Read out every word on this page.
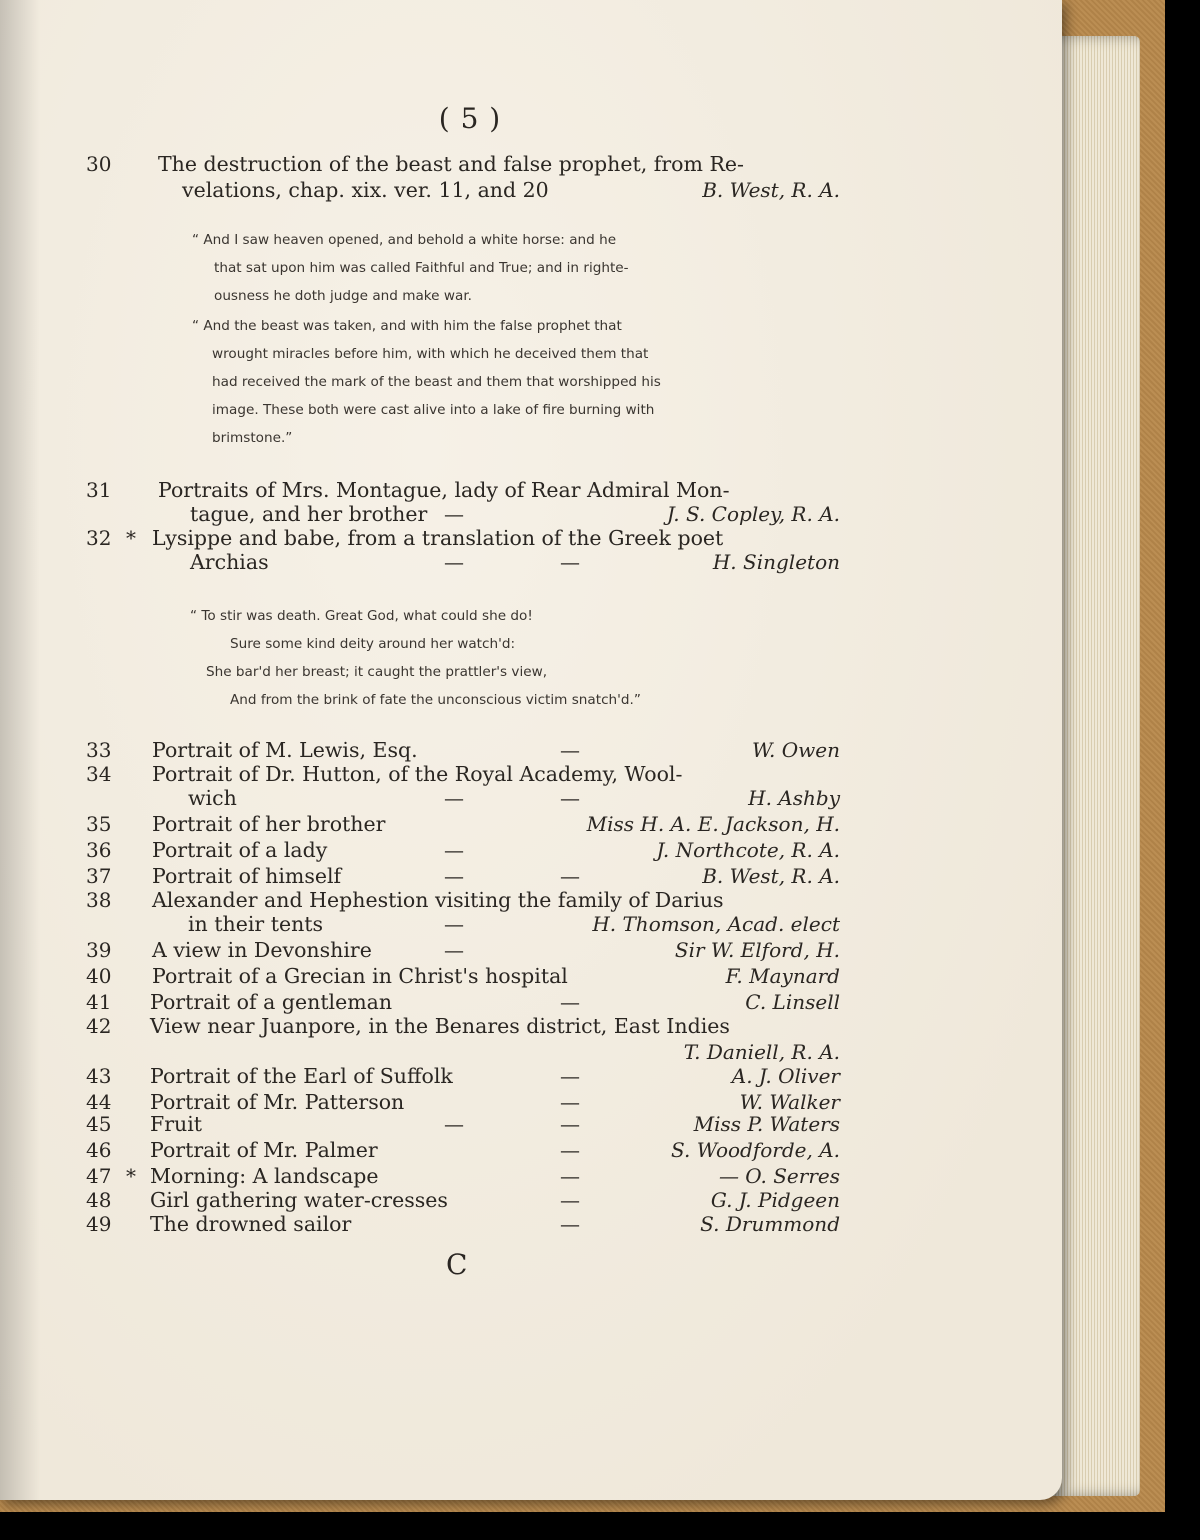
( 5 )
30	The destruction of the beast and false prophet, from Re-
velations, chap. xix. ver. 11, and 20	B. West, R. A.
31	Portraits of Mrs. Montague, lady of Rear Admiral Mon-
tague, and her brother —	J. S. Copley, R. A.
32 * Lysippe and babe, from a translation of the Greek poet
Archias	—	—	H. Singleton
33	Portrait of M. Lewis, Esq.	—	W. Owen
34	Portrait of Dr. Hutton, of the Royal Academy, Wool-
wich	—	—	H. Ashby
35	Portrait of her brother	Miss H. A. E. Jackson, H.
36	Portrait of a lady	—	J. Northcote, R. A.
37	Portrait of himself	—	—	B. West, R. A.
38	Alexander and Hephestion visiting the family of Darius
in their tents	—	H. Thomson, Acad. elect
39	A view in Devonshire	—	Sir W. Elford, H.
40	Portrait of a Grecian in Christ's hospital	F. Maynard
41	Portrait of a gentleman	—	C. Linsell
42	View near Juanpore, in the Benares district, East Indies
T. Daniell, R. A.
43	Portrait of the Earl of Suffolk	—	A. J. Oliver
44	Portrait of Mr. Patterson	—	W. Walker
45	Fruit	—	—	Miss P. Waters
46	Portrait of Mr. Palmer	—	S. Woodforde, A.
47 * Morning: A landscape	—	— O. Serres
48	Girl gathering water-cresses	—	G. J. Pidgeen
49	The drowned sailor	—	S. Drummond
“ And I saw heaven opened, and behold a white horse: and he
that sat upon him was called Faithful and True; and in righte-
ousness he doth judge and make war.
“ And the beast was taken, and with him the false prophet that
wrought miracles before him, with which he deceived them that
had received the mark of the beast and them that worshipped his
image. These both were cast alive into a lake of fire burning with
brimstone.”
“ To stir was death. Great God, what could she do!
Sure some kind deity around her watch'd:
She bar'd her breast; it caught the prattler's view,
And from the brink of fate the unconscious victim snatch'd.”
C
